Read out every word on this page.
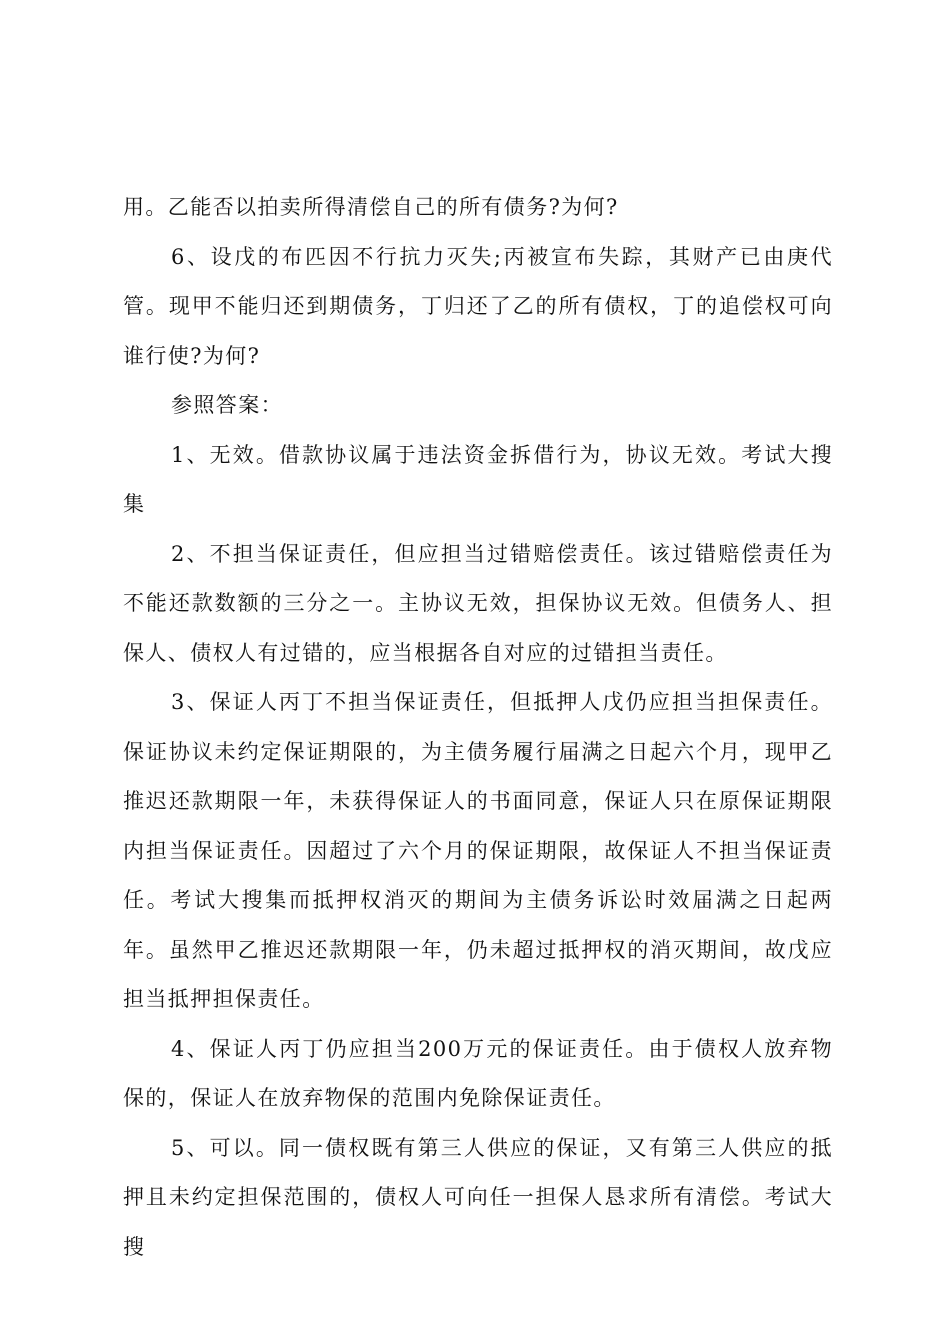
用。乙能否以拍卖所得清偿自己的所有债务?为何?

6、设戊的布匹因不行抗力灭失;丙被宣布失踪，其财产已由庚代管。现甲不能归还到期债务，丁归还了乙的所有债权，丁的追偿权可向谁行使?为何?

参照答案：

1、无效。借款协议属于违法资金拆借行为，协议无效。考试大搜集

2、不担当保证责任，但应担当过错赔偿责任。该过错赔偿责任为不能还款数额的三分之一。主协议无效，担保协议无效。但债务人、担保人、债权人有过错的，应当根据各自对应的过错担当责任。

3、保证人丙丁不担当保证责任，但抵押人戊仍应担当担保责任。保证协议未约定保证期限的，为主债务履行届满之日起六个月，现甲乙推迟还款期限一年，未获得保证人的书面同意，保证人只在原保证期限内担当保证责任。因超过了六个月的保证期限，故保证人不担当保证责任。考试大搜集而抵押权消灭的期间为主债务诉讼时效届满之日起两年。虽然甲乙推迟还款期限一年，仍未超过抵押权的消灭期间，故戊应担当抵押担保责任。

4、保证人丙丁仍应担当200万元的保证责任。由于债权人放弃物保的，保证人在放弃物保的范围内免除保证责任。

5、可以。同一债权既有第三人供应的保证，又有第三人供应的抵押且未约定担保范围的，债权人可向任一担保人恳求所有清偿。考试大搜
